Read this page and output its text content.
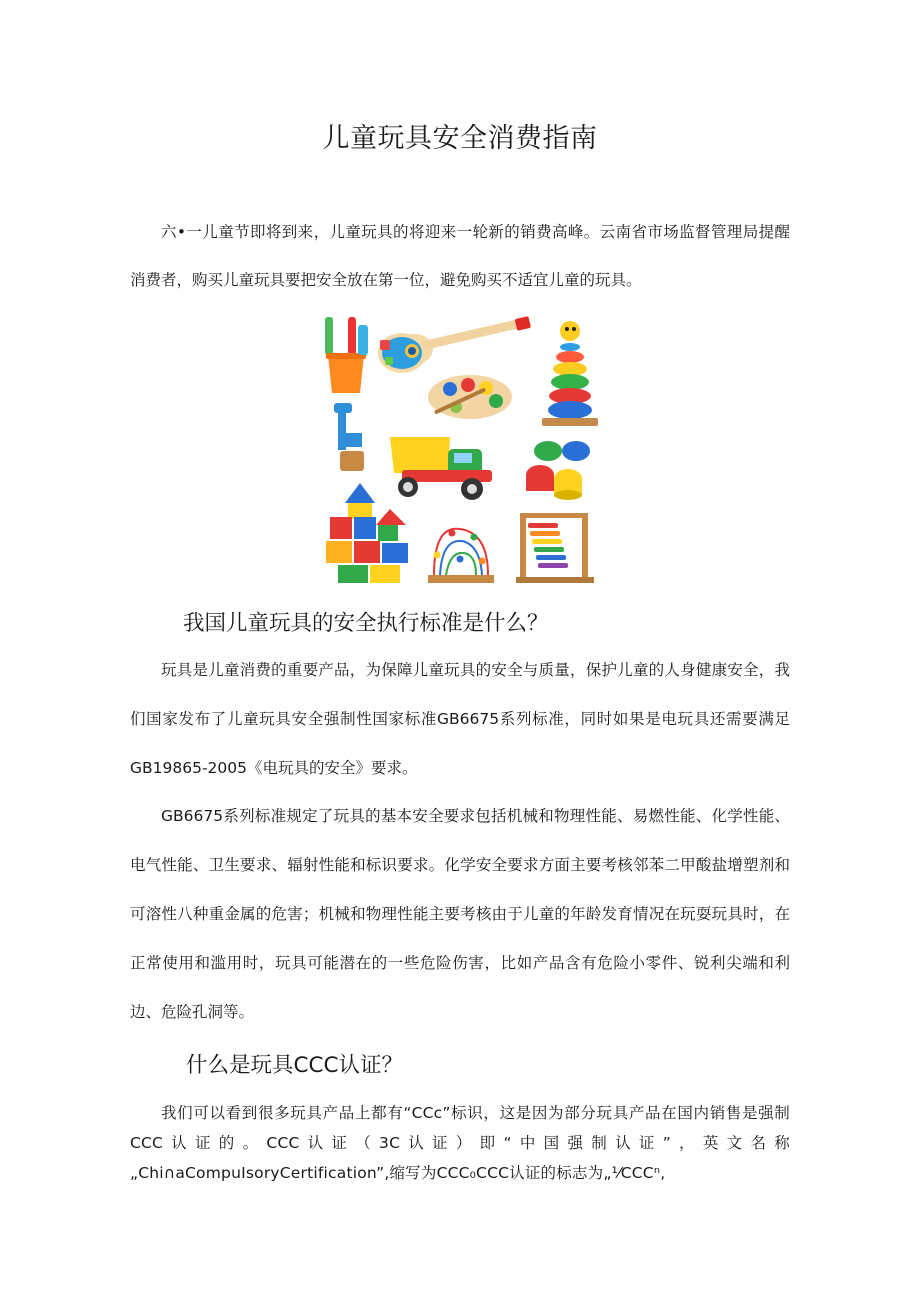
儿童玩具安全消费指南
六•一儿童节即将到来，儿童玩具的将迎来一轮新的销费高峰。云南省市场监督管理局提醒消费者，购买儿童玩具要把安全放在第一位，避免购买不适宜儿童的玩具。
我国儿童玩具的安全执行标准是什么？
玩具是儿童消费的重要产品，为保障儿童玩具的安全与质量，保护儿童的人身健康安全，我们国家发布了儿童玩具安全强制性国家标准GB6675系列标准，同时如果是电玩具还需要满足GB19865-2005《电玩具的安全》要求。
GB6675系列标准规定了玩具的基本安全要求包括机械和物理性能、易燃性能、化学性能、电气性能、卫生要求、辐射性能和标识要求。化学安全要求方面主要考核邻苯二甲酸盐增塑剂和可溶性八种重金属的危害；机械和物理性能主要考核由于儿童的年龄发育情况在玩耍玩具时，在正常使用和滥用时，玩具可能潜在的一些危险伤害，比如产品含有危险小零件、锐利尖端和利边、危险孔洞等。
什么是玩具CCC认证？
我们可以看到很多玩具产品上都有“CCc”标识，这是因为部分玩具产品在国内销售是强制CCC认证的。CCC认证（3C认证）即“中国强制认证”，英文名称„Chi∩aCompuIsoryCertification”,缩写为CCC₀CCC认证的标志为„¹⁄CCCⁿ,
